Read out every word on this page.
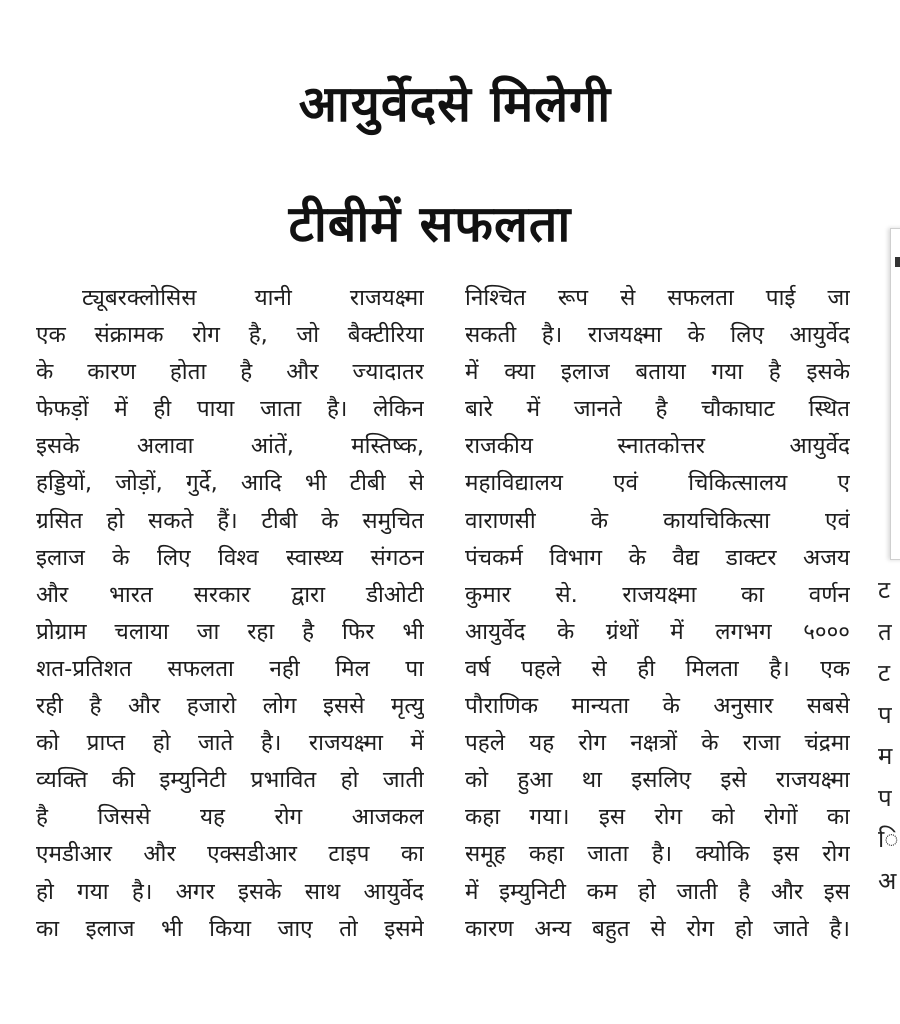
आयुर्वेदसे मिलेगी
टीबीमें सफलता
ट्यूबरक्लोसिस यानी राजयक्ष्मा
एक संक्रामक रोग है, जो बैक्टीरिया
के कारण होता है और ज्यादातर
फेफड़ों में ही पाया जाता है। लेकिन
इसके अलावा आंतें, मस्तिष्क,
हड्डियों, जोड़ों, गुर्दे, आदि भी टीबी से
ग्रसित हो सकते हैं। टीबी के समुचित
इलाज के लिए विश्व स्वास्थ्य संगठन
और भारत सरकार द्वारा डीओटी
प्रोग्राम चलाया जा रहा है फिर भी
शत-प्रतिशत सफलता नही मिल पा
रही है और हजारो लोग इससे मृत्यु
को प्राप्त हो जाते है। राजयक्ष्मा में
व्यक्ति की इम्युनिटी प्रभावित हो जाती
है जिससे यह रोग आजकल
एमडीआर और एक्सडीआर टाइप का
हो गया है। अगर इसके साथ आयुर्वेद
का इलाज भी किया जाए तो इसमे
निश्चित रूप से सफलता पाई जा
सकती है। राजयक्ष्मा के लिए आयुर्वेद
में क्या इलाज बताया गया है इसके
बारे में जानते है चौकाघाट स्थित
राजकीय स्नातकोत्तर आयुर्वेद
महाविद्यालय एवं चिकित्सालय ए
वाराणसी के कायचिकित्सा एवं
पंचकर्म विभाग के वैद्य डाक्टर अजय
कुमार से. राजयक्ष्मा का वर्णन
आयुर्वेद के ग्रंथों में लगभग ५०००
वर्ष पहले से ही मिलता है। एक
पौराणिक मान्यता के अनुसार सबसे
पहले यह रोग नक्षत्रों के राजा चंद्रमा
को हुआ था इसलिए इसे राजयक्ष्मा
कहा गया। इस रोग को रोगों का
समूह कहा जाता है। क्योकि इस रोग
में इम्युनिटी कम हो जाती है और इस
कारण अन्य बहुत से रोग हो जाते है।
ट
त
ट
प
म
प
ि
अ
